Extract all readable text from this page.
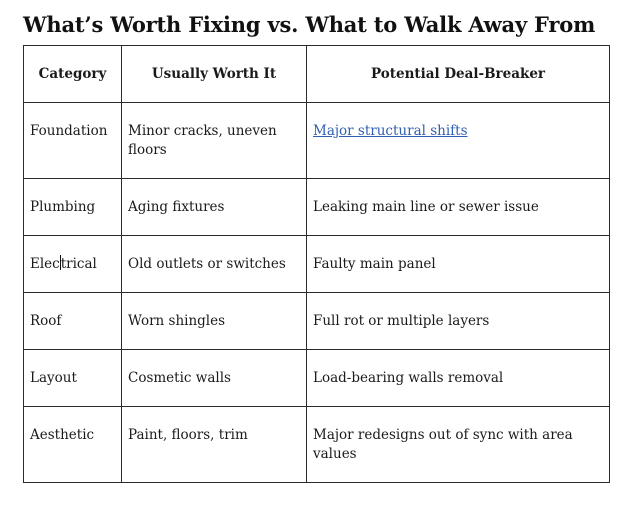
What’s Worth Fixing vs. What to Walk Away From
Category	Usually Worth It	Potential Deal-Breaker
Foundation	Minor cracks, uneven floors	Major structural shifts
Plumbing	Aging fixtures	Leaking main line or sewer issue
Electrical	Old outlets or switches	Faulty main panel
Roof	Worn shingles	Full rot or multiple layers
Layout	Cosmetic walls	Load-bearing walls removal
Aesthetic	Paint, floors, trim	Major redesigns out of sync with area values
